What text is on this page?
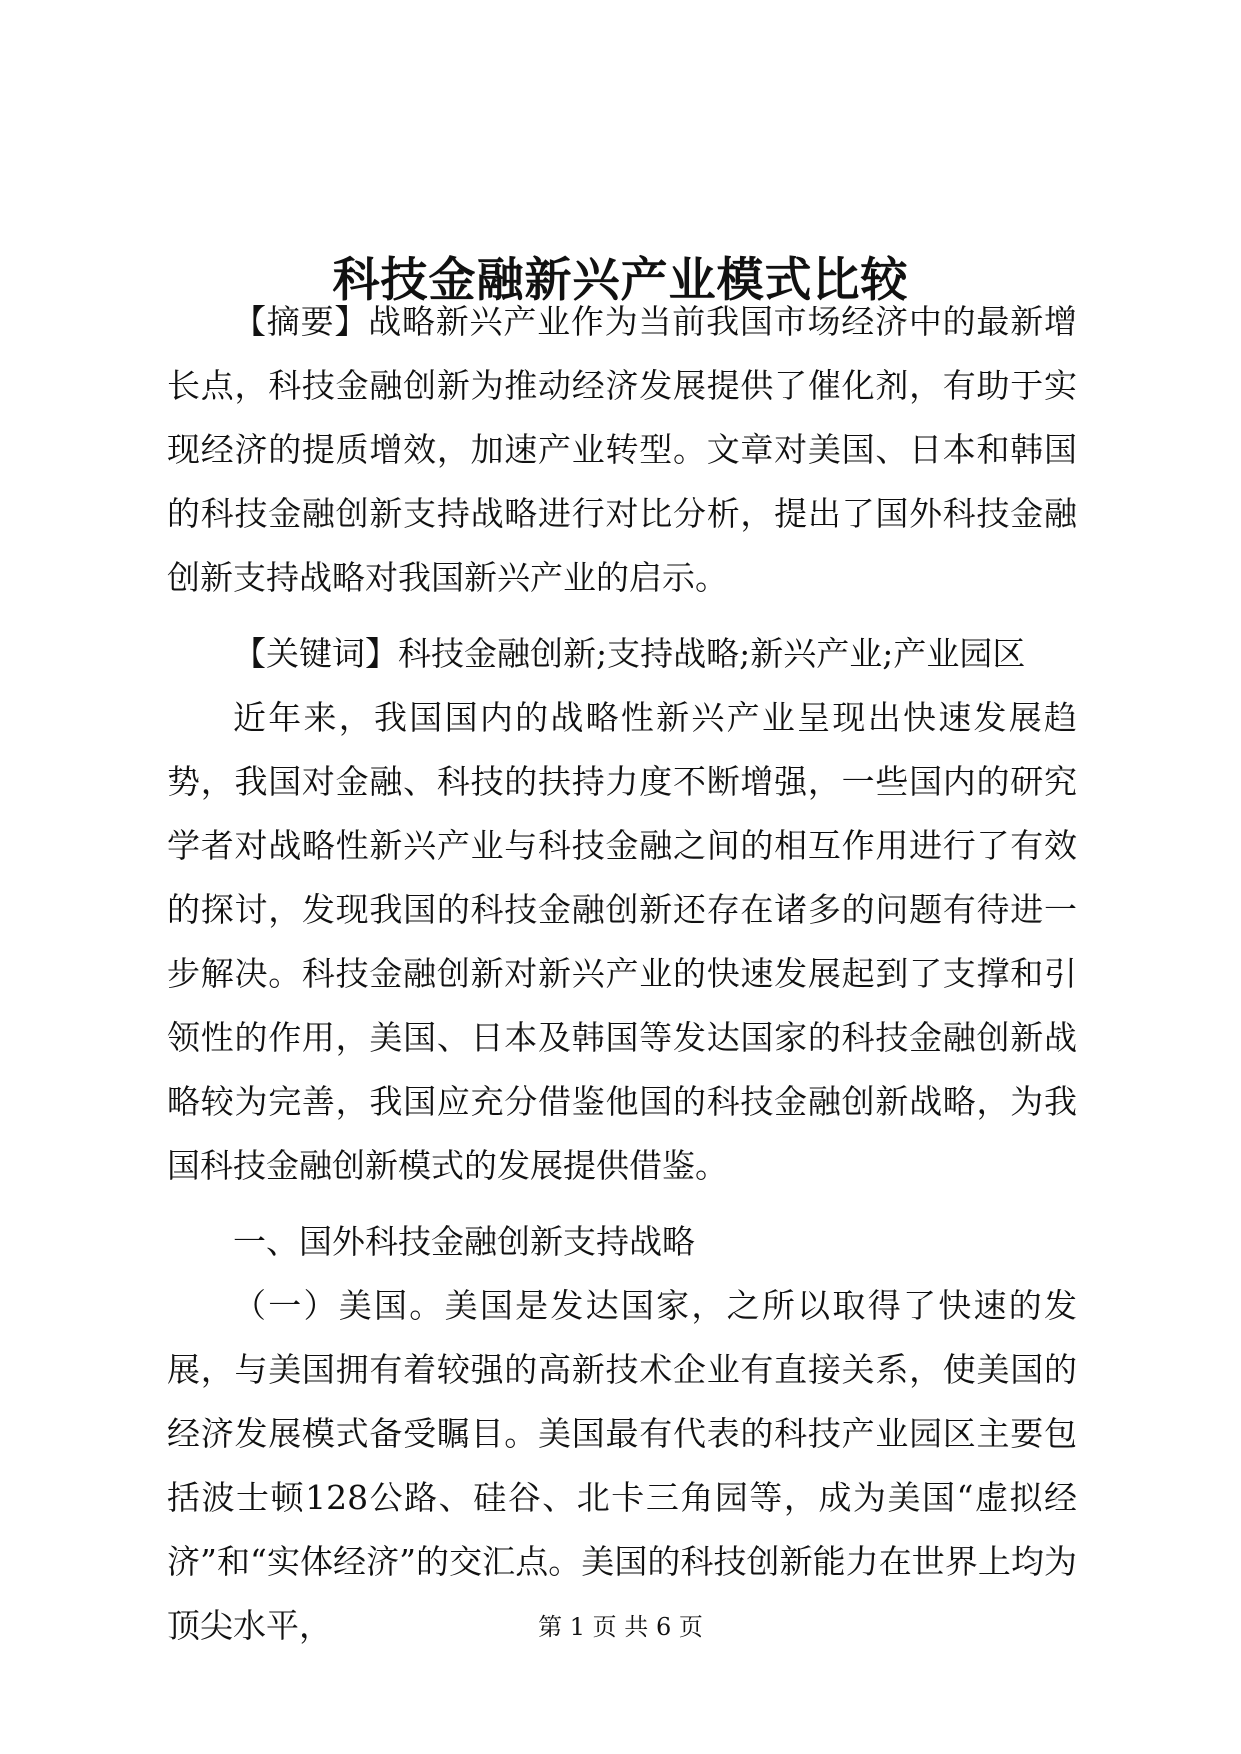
科技金融新兴产业模式比较

【摘要】战略新兴产业作为当前我国市场经济中的最新增长点，科技金融创新为推动经济发展提供了催化剂，有助于实现经济的提质增效，加速产业转型。文章对美国、日本和韩国的科技金融创新支持战略进行对比分析，提出了国外科技金融创新支持战略对我国新兴产业的启示。

【关键词】科技金融创新;支持战略;新兴产业;产业园区

近年来，我国国内的战略性新兴产业呈现出快速发展趋势，我国对金融、科技的扶持力度不断增强，一些国内的研究学者对战略性新兴产业与科技金融之间的相互作用进行了有效的探讨，发现我国的科技金融创新还存在诸多的问题有待进一步解决。科技金融创新对新兴产业的快速发展起到了支撑和引领性的作用，美国、日本及韩国等发达国家的科技金融创新战略较为完善，我国应充分借鉴他国的科技金融创新战略，为我国科技金融创新模式的发展提供借鉴。

一、国外科技金融创新支持战略

（一）美国。美国是发达国家，之所以取得了快速的发展，与美国拥有着较强的高新技术企业有直接关系，使美国的经济发展模式备受瞩目。美国最有代表的科技产业园区主要包括波士顿128公路、硅谷、北卡三角园等，成为美国“虚拟经济”和“实体经济”的交汇点。美国的科技创新能力在世界上均为顶尖水平，	第 1 页 共 6 页
